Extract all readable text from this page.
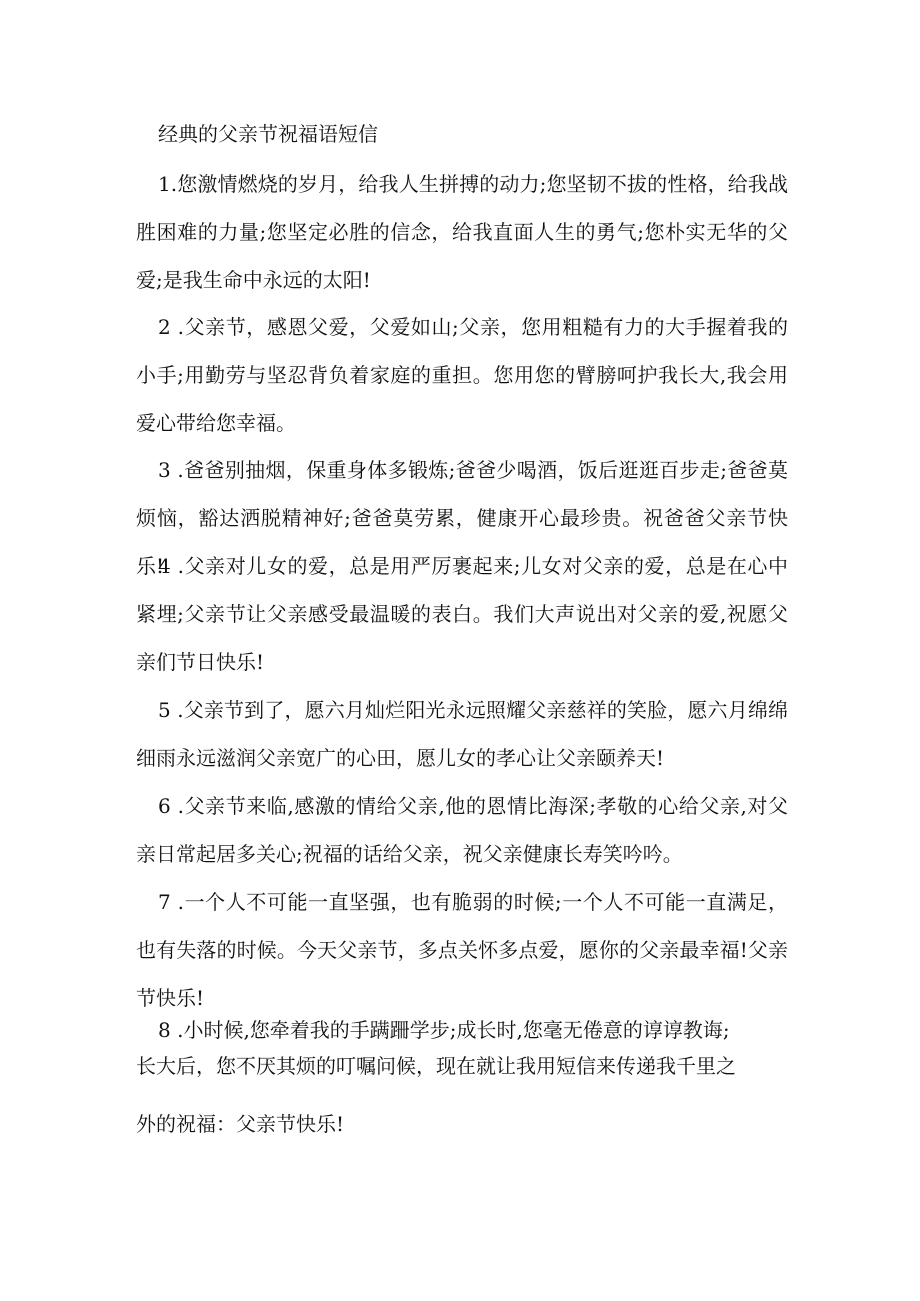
经典的父亲节祝福语短信

1.您激情燃烧的岁月，给我人生拼搏的动力;您坚韧不拔的性格，给我战胜困难的力量;您坚定必胜的信念，给我直面人生的勇气;您朴实无华的父爱;是我生命中永远的太阳!

2 .父亲节，感恩父爱，父爱如山;父亲，您用粗糙有力的大手握着我的小手;用勤劳与坚忍背负着家庭的重担。您用您的臂膀呵护我长大,我会用爱心带给您幸福。

3 .爸爸别抽烟，保重身体多锻炼;爸爸少喝酒，饭后逛逛百步走;爸爸莫烦恼，豁达洒脱精神好;爸爸莫劳累，健康开心最珍贵。祝爸爸父亲节快乐!

4 .父亲对儿女的爱，总是用严厉裹起来;儿女对父亲的爱，总是在心中紧埋;父亲节让父亲感受最温暖的表白。我们大声说出对父亲的爱,祝愿父亲们节日快乐!

5 .父亲节到了，愿六月灿烂阳光永远照耀父亲慈祥的笑脸，愿六月绵绵细雨永远滋润父亲宽广的心田，愿儿女的孝心让父亲颐养天!

6 .父亲节来临,感激的情给父亲,他的恩情比海深;孝敬的心给父亲,对父亲日常起居多关心;祝福的话给父亲，祝父亲健康长寿笑吟吟。

7 .一个人不可能一直坚强，也有脆弱的时候;一个人不可能一直满足，也有失落的时候。今天父亲节，多点关怀多点爱，愿你的父亲最幸福!父亲节快乐!

8 .小时候,您牵着我的手蹒跚学步;成长时,您毫无倦意的谆谆教诲;
长大后，您不厌其烦的叮嘱问候，现在就让我用短信来传递我千里之
外的祝福：父亲节快乐!
